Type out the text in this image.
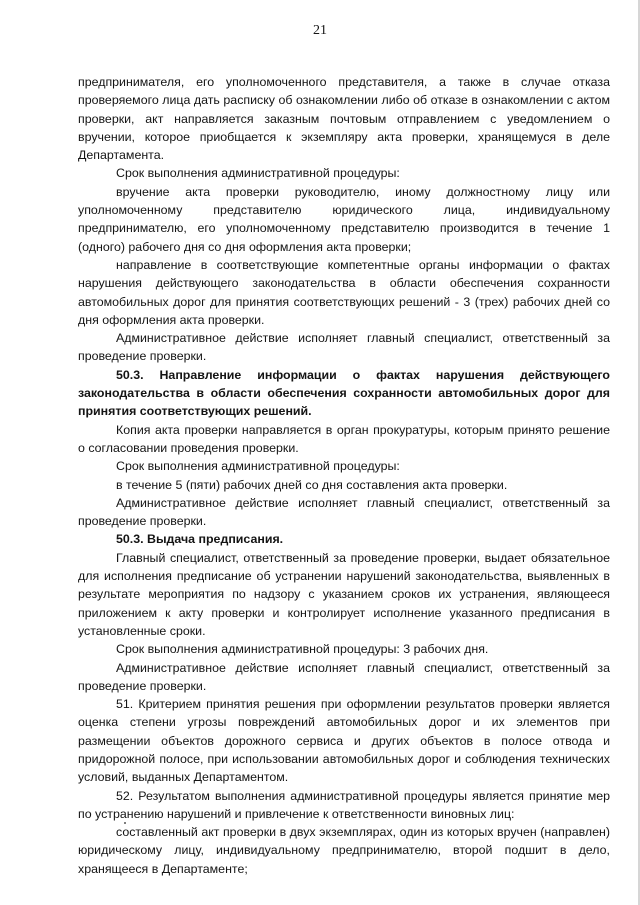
21

предпринимателя, его уполномоченного представителя, а также в случае отказа проверяемого лица дать расписку об ознакомлении либо об отказе в ознакомлении с актом проверки, акт направляется заказным почтовым отправлением с уведомлением о вручении, которое приобщается к экземпляру акта проверки, хранящемуся в деле Департамента.

Срок выполнения административной процедуры:

вручение акта проверки руководителю, иному должностному лицу или уполномоченному представителю юридического лица, индивидуальному предпринимателю, его уполномоченному представителю производится в течение 1 (одного) рабочего дня со дня оформления акта проверки;

направление в соответствующие компетентные органы информации о фактах нарушения действующего законодательства в области обеспечения сохранности автомобильных дорог для принятия соответствующих решений - 3 (трех) рабочих дней со дня оформления акта проверки.

Административное действие исполняет главный специалист, ответственный за проведение проверки.

50.3. Направление информации о фактах нарушения действующего законодательства в области обеспечения сохранности автомобильных дорог для принятия соответствующих решений.

Копия акта проверки направляется в орган прокуратуры, которым принято решение о согласовании проведения проверки.

Срок выполнения административной процедуры:

в течение 5 (пяти) рабочих дней со дня составления акта проверки.

Административное действие исполняет главный специалист, ответственный за проведение проверки.

50.3. Выдача предписания.

Главный специалист, ответственный за проведение проверки, выдает обязательное для исполнения предписание об устранении нарушений законодательства, выявленных в результате мероприятия по надзору с указанием сроков их устранения, являющееся приложением к акту проверки и контролирует исполнение указанного предписания в установленные сроки.

Срок выполнения административной процедуры: 3 рабочих дня.

Административное действие исполняет главный специалист, ответственный за проведение проверки.

51. Критерием принятия решения при оформлении результатов проверки является оценка степени угрозы повреждений автомобильных дорог и их элементов при размещении объектов дорожного сервиса и других объектов в полосе отвода и придорожной полосе, при использовании автомобильных дорог и соблюдения технических условий, выданных Департаментом.

52. Результатом выполнения административной процедуры является принятие мер по устранению нарушений и привлечение к ответственности виновных лиц:

составленный акт проверки в двух экземплярах, один из которых вручен (направлен) юридическому лицу, индивидуальному предпринимателю, второй подшит в дело, хранящееся в Департаменте;
